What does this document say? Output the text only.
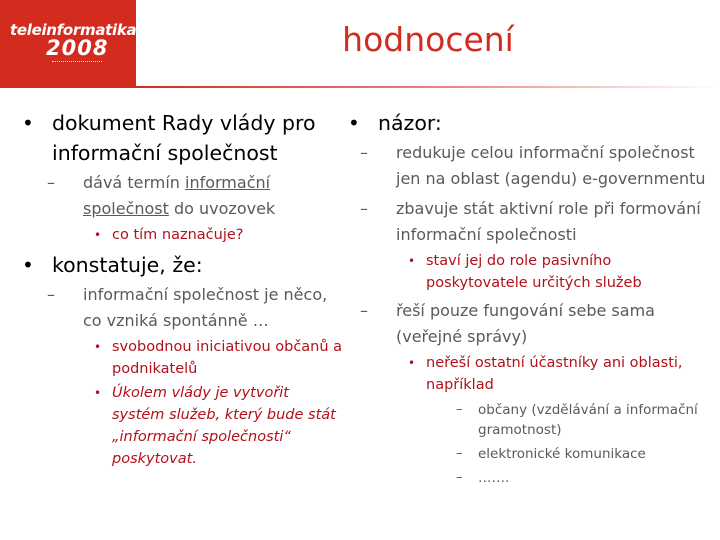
teleinformatika
2008	hodnocení
• dokument Rady vlády pro informační společnost
– dává termín informační společnost do uvozovek
• co tím naznačuje?
• konstatuje, že:
– informační společnost je něco, co vzniká spontánně …
• svobodnou iniciativou občanů a podnikatelů
• Úkolem vlády je vytvořit systém služeb, který bude stát „informační společnosti“ poskytovat.
• názor:
– redukuje celou informační společnost jen na oblast (agendu) e-governmentu
– zbavuje stát aktivní role při formování informační společnosti
• staví jej do role pasivního poskytovatele určitých služeb
– řeší pouze fungování sebe sama (veřejné správy)
• neřeší ostatní účastníky ani oblasti, například
– občany (vzdělávání a informační gramotnost)
– elektronické komunikace
– …….
